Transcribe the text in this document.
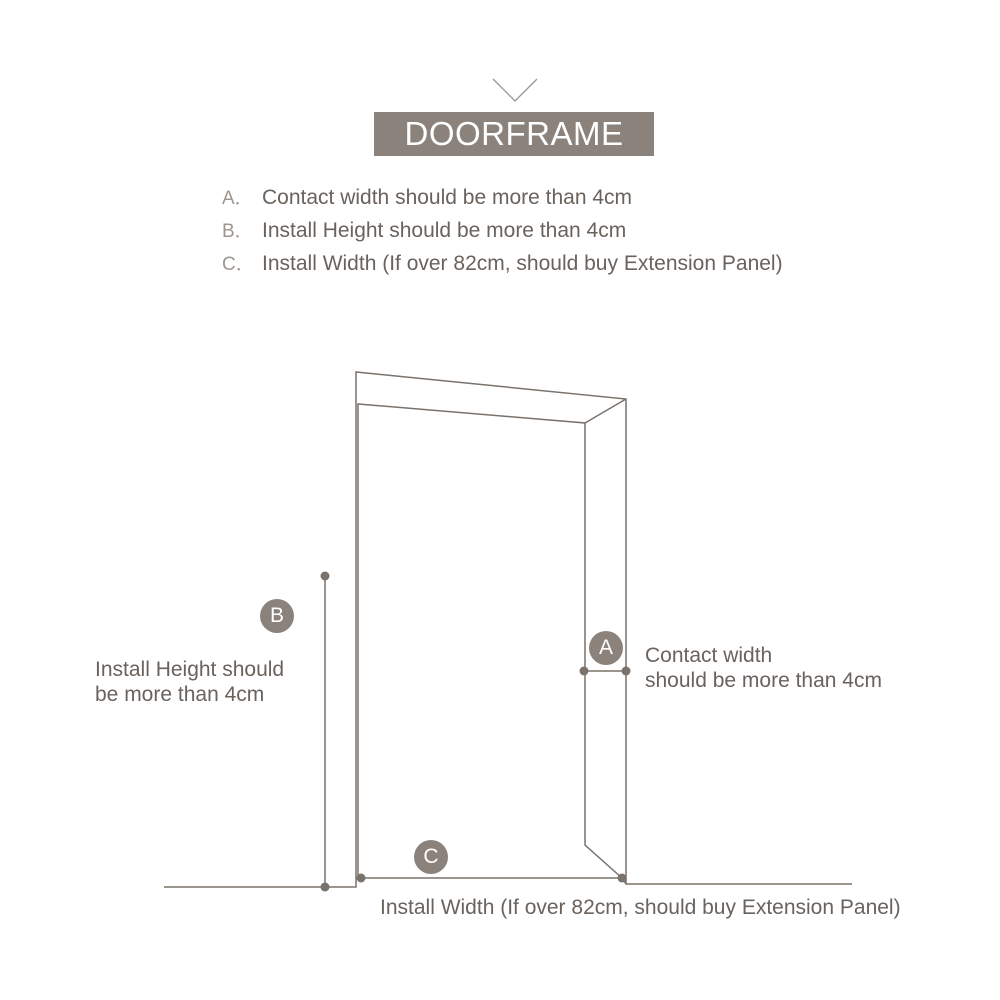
DOORFRAME
A． Contact width should be more than 4cm
B． Install Height should be more than 4cm
C． Install Width (If over 82cm, should buy Extension Panel)
B
A
C
Install Height should
be more than 4cm
Contact width
should be more than 4cm
Install Width (If over 82cm, should buy Extension Panel)
